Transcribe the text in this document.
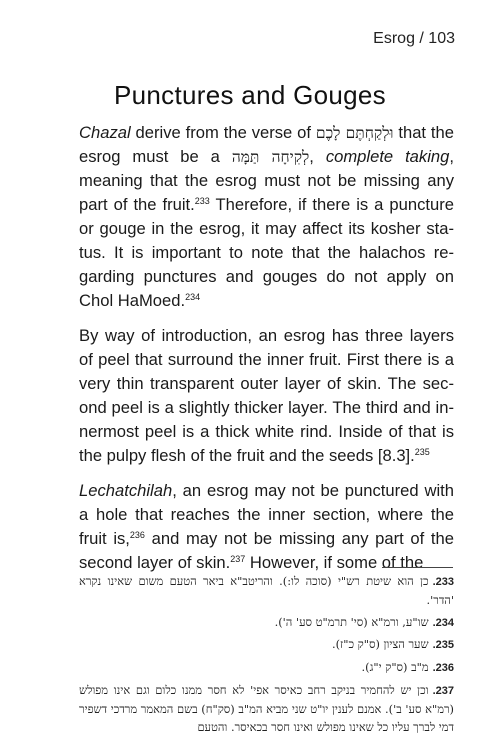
Esrog / 103
Punctures and Gouges

Chazal derive from the verse of וּלְקַחְתֶּם לָכֶם that the esrog must be a לְקִיחָה תַּמָּה, complete taking, meaning that the esrog must not be missing any part of the fruit.$^{233}$ Therefore, if there is a puncture or gouge in the esrog, it may affect its kosher status. It is important to note that the halachos regarding punctures and gouges do not apply on Chol HaMoed.$^{234}$

By way of introduction, an esrog has three layers of peel that surround the inner fruit. First there is a very thin transparent outer layer of skin. The second peel is a slightly thicker layer. The third and innermost peel is a thick white rind. Inside of that is the pulpy flesh of the fruit and the seeds [8.3].$^{235}$

Lechatchilah, an esrog may not be punctured with a hole that reaches the inner section, where the fruit is,$^{236}$ and may not be missing any part of the second layer of skin.$^{237}$ However, if some of the

233.כן הוא שיטת רש"י (סוכה לו:). והריטב"א ביאר הטעם משום שאינו נקרא 'הדר'.
234.שו"ע, ורמ"א (סי' תרמ"ט סע' ה').
235.שער הציון (ס"ק כ"ז).
236.מ"ב (ס"ק י"ג).
237.וכן יש להחמיר בניקב רחב כאיסר אפי' לא חסר ממנו כלום וגם אינו מפולש (רמ"א סע' ב'). אמנם לענין יו"ט שני מביא המ"ב (סק"ח) בשם המאמר מרדכי דשפיר דמי לברך עליו כל שאינו מפולש ואינו חסר בכאיסר. והטעם
